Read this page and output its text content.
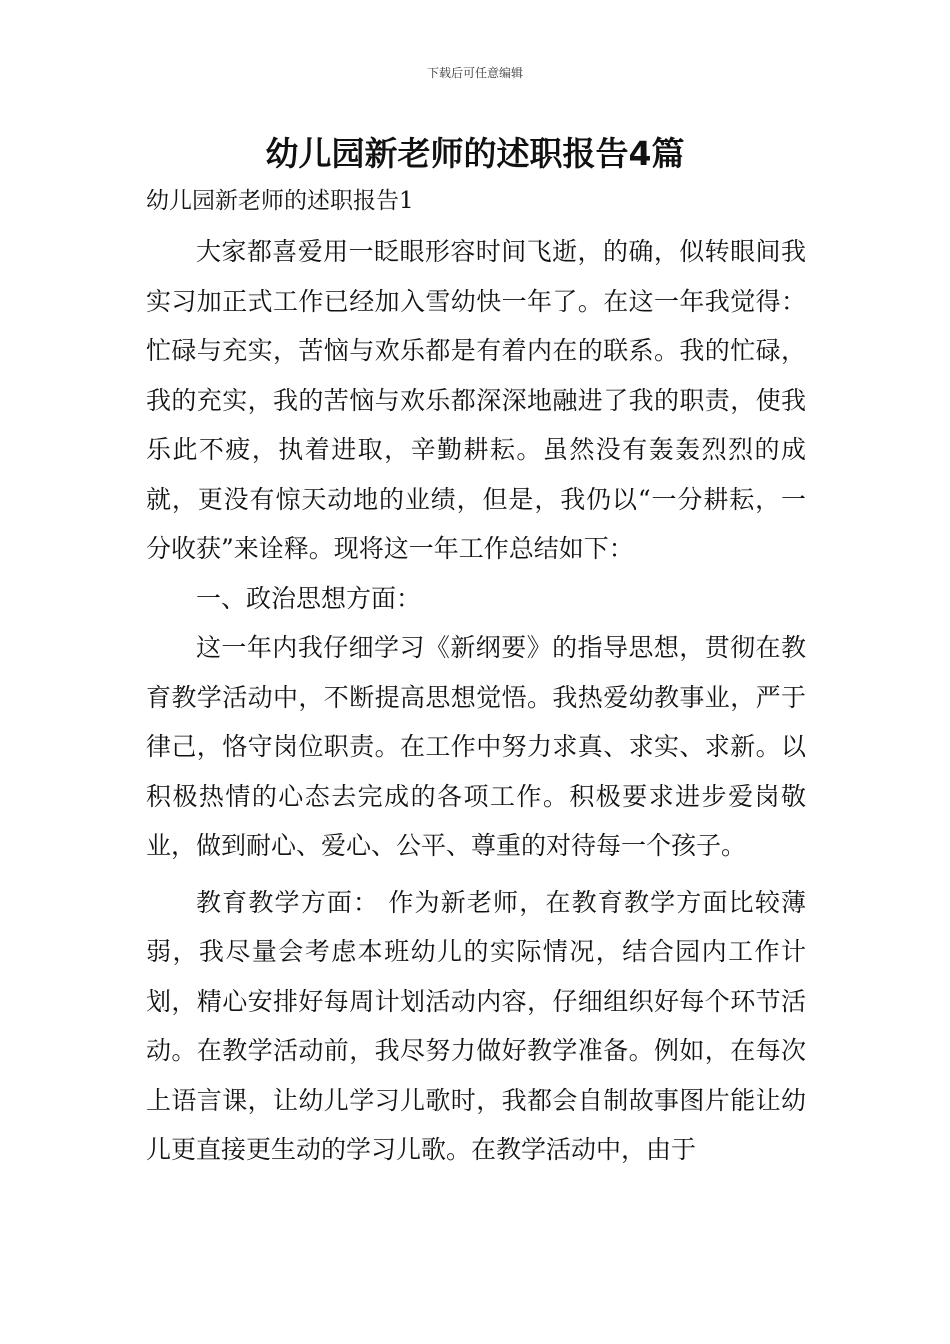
下载后可任意编辑
幼儿园新老师的述职报告4篇
幼儿园新老师的述职报告1

大家都喜爱用一眨眼形容时间飞逝，的确，似转眼间我实习加正式工作已经加入雪幼快一年了。在这一年我觉得：忙碌与充实，苦恼与欢乐都是有着内在的联系。我的忙碌，我的充实，我的苦恼与欢乐都深深地融进了我的职责，使我乐此不疲，执着进取，辛勤耕耘。虽然没有轰轰烈烈的成就，更没有惊天动地的业绩，但是，我仍以“一分耕耘，一分收获”来诠释。现将这一年工作总结如下：

一、政治思想方面：

这一年内我仔细学习《新纲要》的指导思想，贯彻在教育教学活动中，不断提高思想觉悟。我热爱幼教事业，严于律己，恪守岗位职责。在工作中努力求真、求实、求新。以积极热情的心态去完成的各项工作。积极要求进步爱岗敬业，做到耐心、爱心、公平、尊重的对待每一个孩子。

教育教学方面： 作为新老师，在教育教学方面比较薄弱，我尽量会考虑本班幼儿的实际情况，结合园内工作计划，精心安排好每周计划活动内容，仔细组织好每个环节活动。在教学活动前，我尽努力做好教学准备。例如，在每次上语言课，让幼儿学习儿歌时，我都会自制故事图片能让幼儿更直接更生动的学习儿歌。在教学活动中，由于
